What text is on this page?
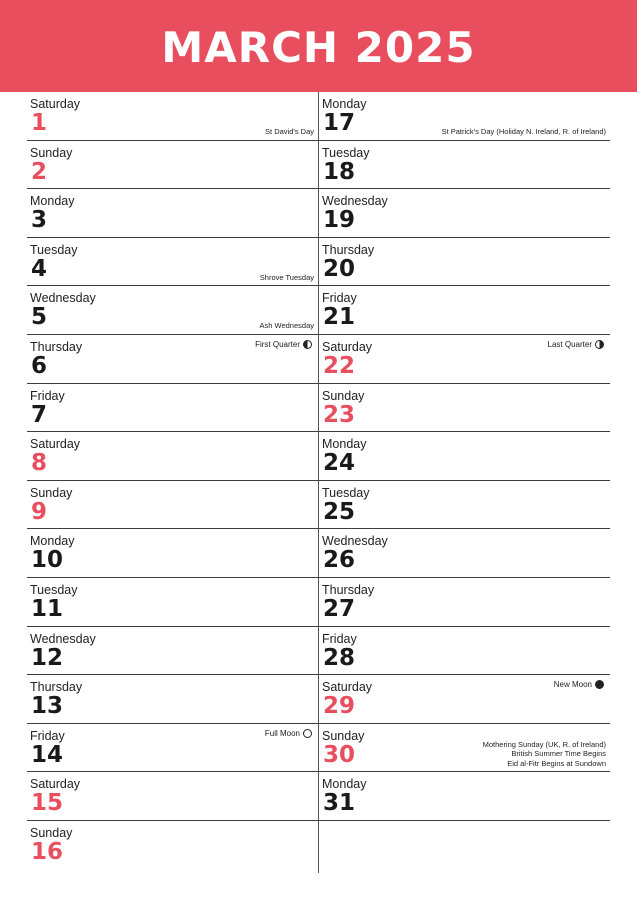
MARCH 2025
Saturday
1	St David's Day
Sunday
2
Monday
3
Tuesday
4	Shrove Tuesday
Wednesday
5	Ash Wednesday
Thursday
6
First Quarter
Friday
7
Saturday
8
Sunday
9
Monday
10
Tuesday
11
Wednesday
12
Thursday
13
Friday
14
Full Moon
Saturday
15
Sunday
16
Monday
17	St Patrick's Day (Holiday N. Ireland, R. of Ireland)
Tuesday
18
Wednesday
19
Thursday
20
Friday
21
Saturday
22
Last Quarter
Sunday
23
Monday
24
Tuesday
25
Wednesday
26
Thursday
27
Friday
28
Saturday
29
New Moon
Sunday
30	Mothering Sunday (UK, R. of Ireland)
British Summer Time Begins
Eid al-Fitr Begins at Sundown
Monday
31
